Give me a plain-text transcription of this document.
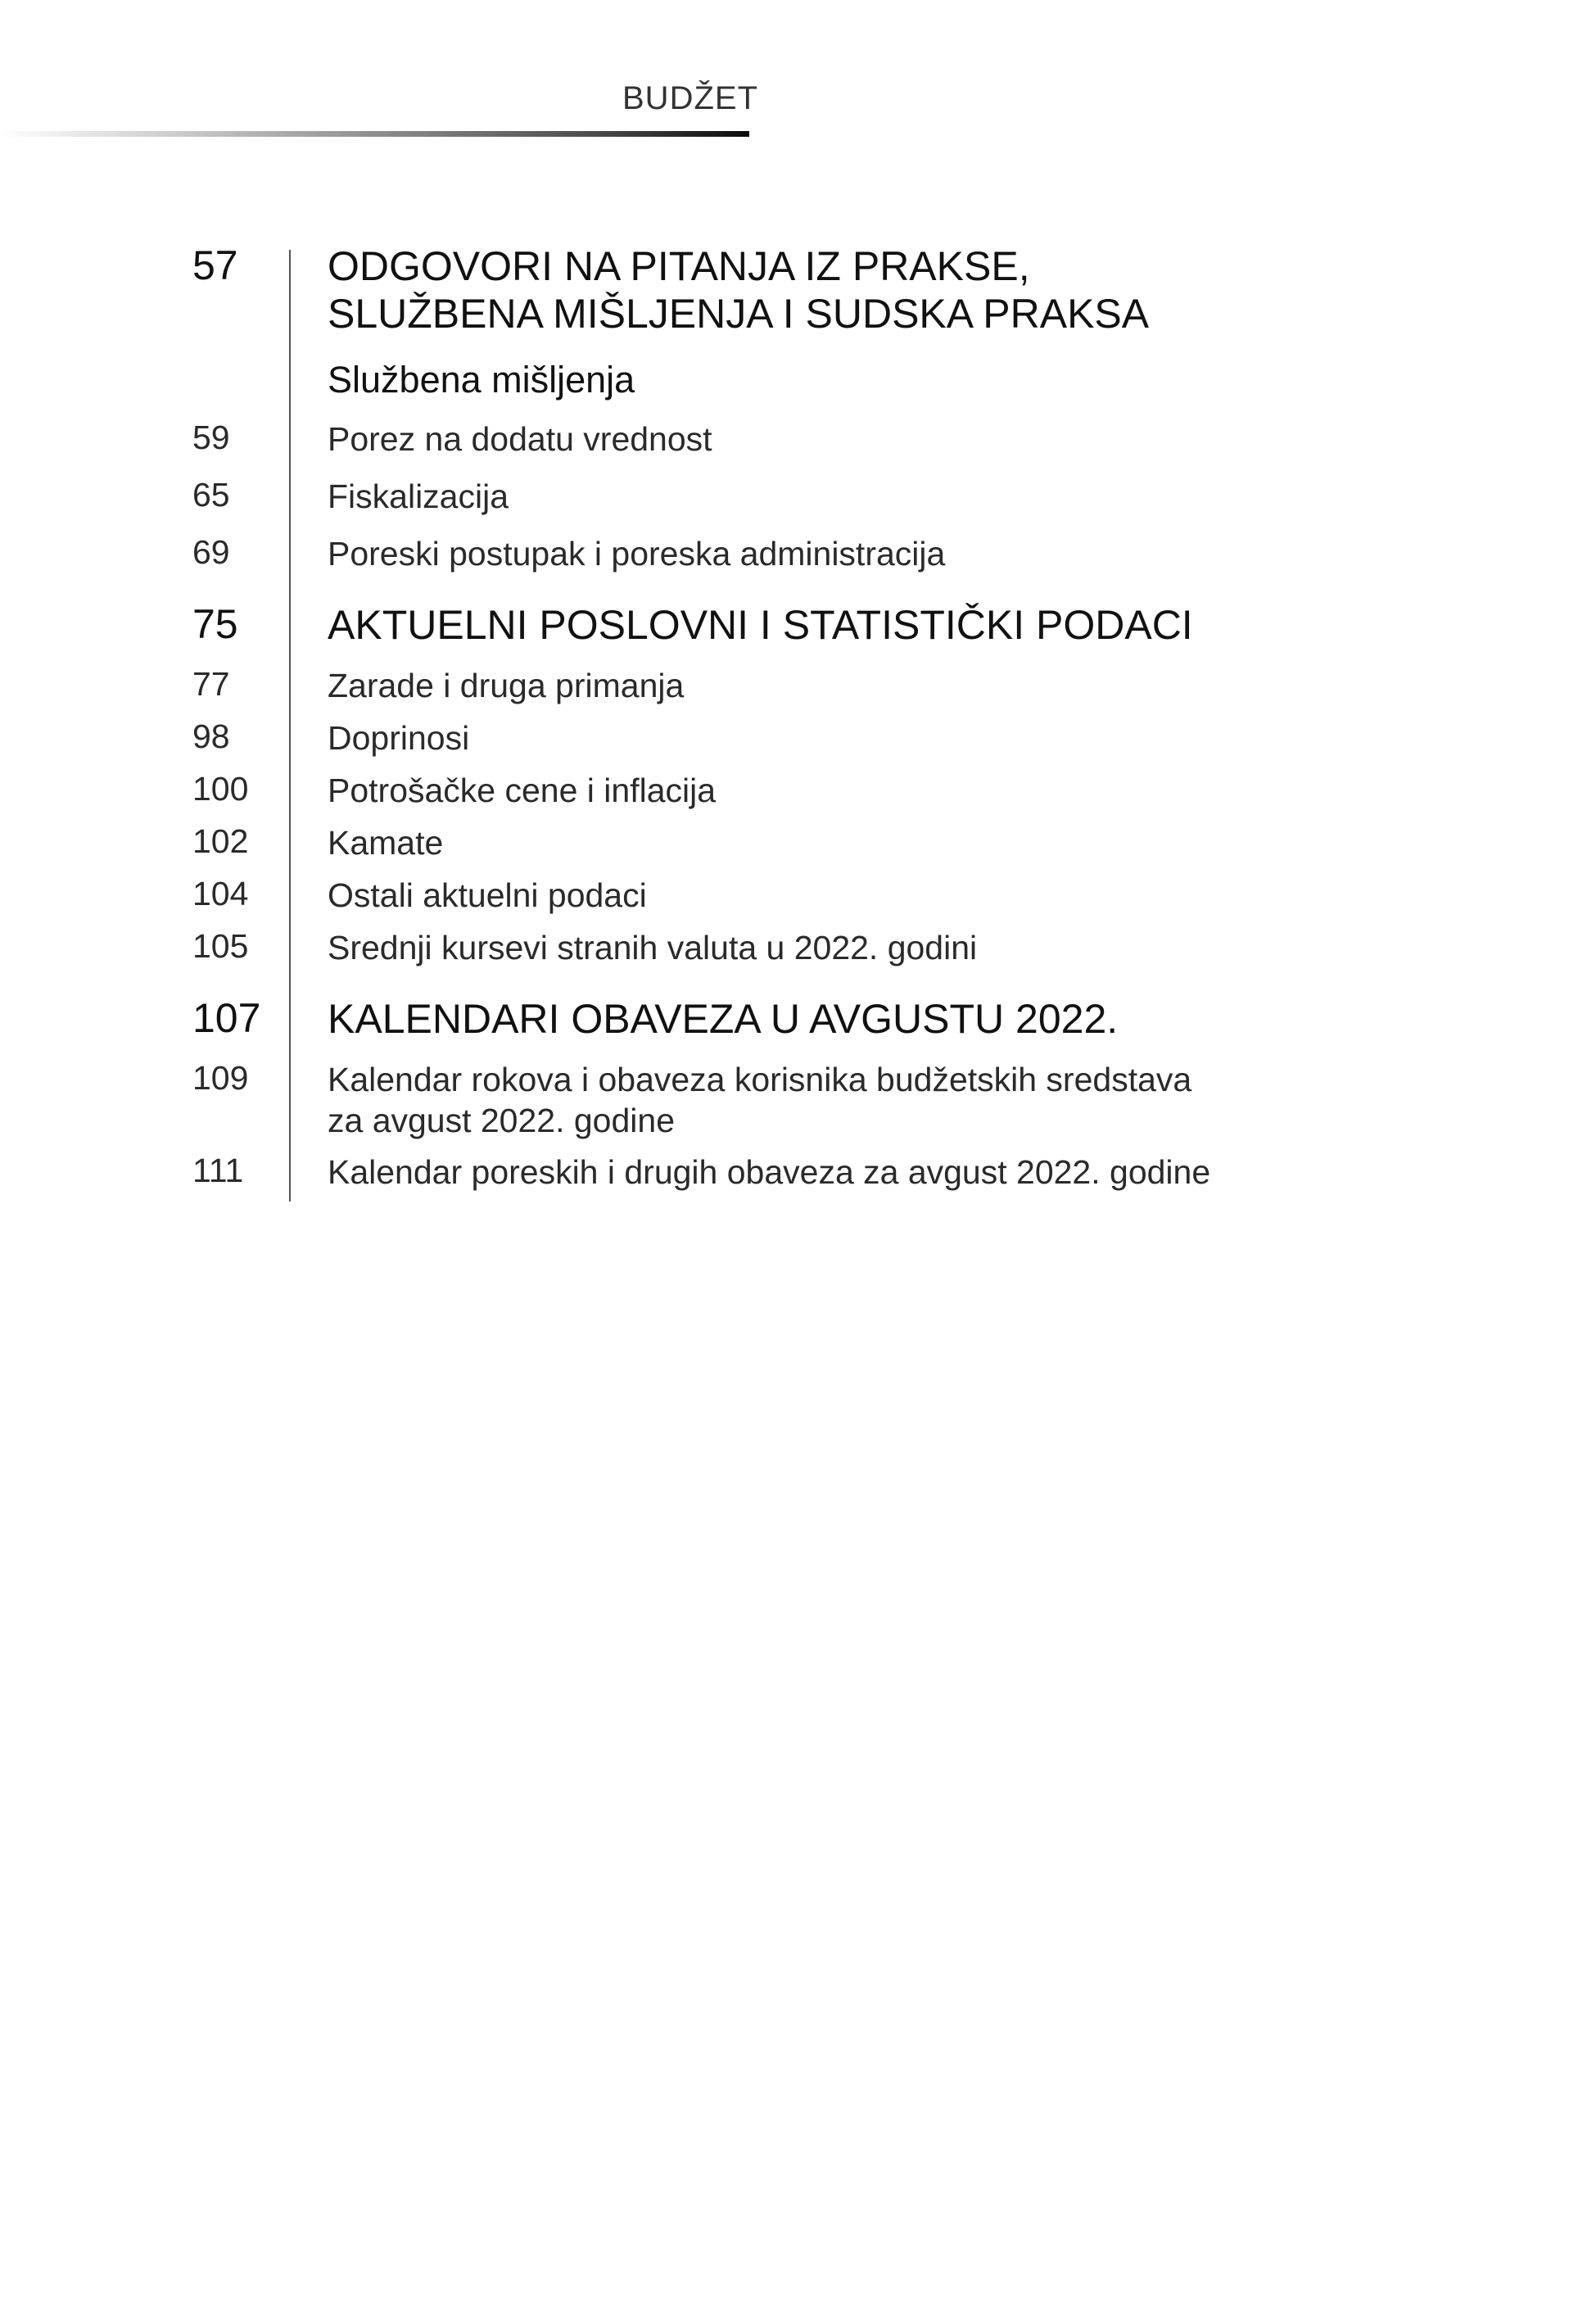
BUDŽET
57 ODGOVORI NA PITANJA IZ PRAKSE,
SLUŽBENA MIŠLJENJA I SUDSKA PRAKSA
Službena mišljenja
59	Porez na dodatu vrednost
65	Fiskalizacija
69	Poreski postupak i poreska administracija
75 AKTUELNI POSLOVNI I STATISTIČKI PODACI
77	Zarade i druga primanja
98	Doprinosi
100 Potrošačke cene i inflacija
102 Kamate
104 Ostali aktuelni podaci
105 Srednji kursevi stranih valuta u 2022. godini
107 KALENDARI OBAVEZA U AVGUSTU 2022.
109 Kalendar rokova i obaveza korisnika budžetskih sredstava
za avgust 2022. godine
111	Kalendar poreskih i drugih obaveza za avgust 2022. godine
